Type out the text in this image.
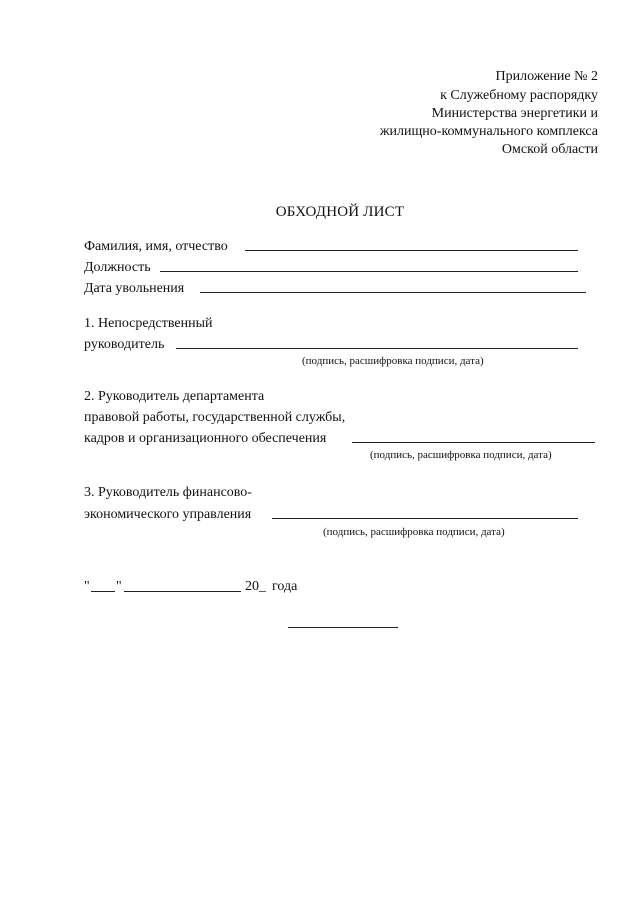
Приложение № 2
к Служебному распорядку
Министерства энергетики и
жилищно-коммунального комплекса
Омской области
ОБХОДНОЙ ЛИСТ
Фамилия, имя, отчество
Должность
Дата увольнения
1. Непосредственный
руководитель
(подпись, расшифровка подписи, дата)
2. Руководитель департамента
правовой работы, государственной службы,
кадров и организационного обеспечения
(подпись, расшифровка подписи, дата)
3. Руководитель финансово-
экономического управления
(подпись, расшифровка подписи, дата)
" "	20_ года
